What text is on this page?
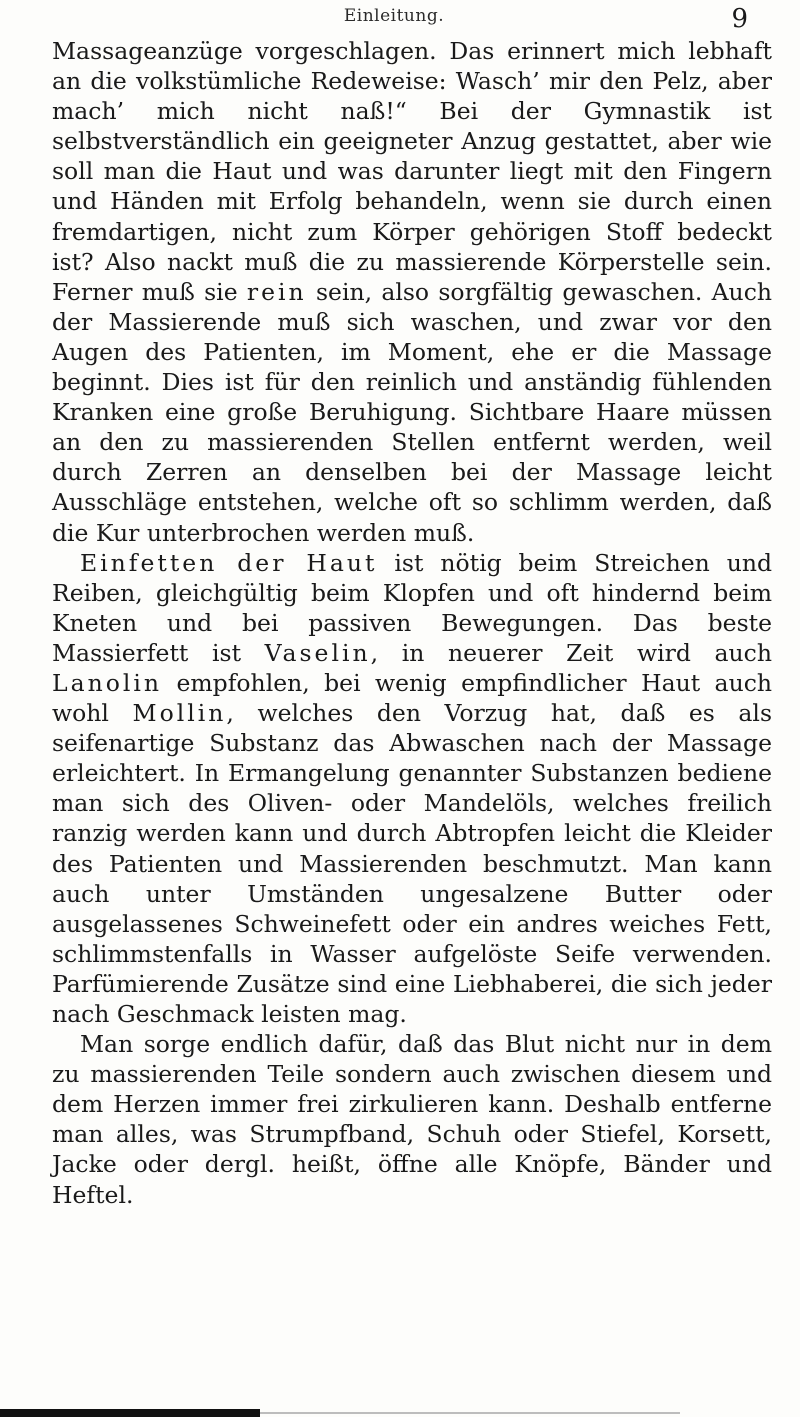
Einleitung.	9

Massageanzüge vorgeschlagen. Das erinnert mich lebhaft an die volkstümliche Redeweise: Wasch’ mir den Pelz, aber mach’ mich nicht naß!“ Bei der Gymnastik ist selbstverständlich ein geeigneter Anzug gestattet, aber wie soll man die Haut und was darunter liegt mit den Fingern und Händen mit Erfolg behandeln, wenn sie durch einen fremdartigen, nicht zum Körper gehörigen Stoff bedeckt ist? Also nackt muß die zu massierende Körperstelle sein. Ferner muß sie rein sein, also sorgfältig gewaschen. Auch der Massierende muß sich waschen, und zwar vor den Augen des Patienten, im Moment, ehe er die Massage beginnt. Dies ist für den reinlich und anständig fühlenden Kranken eine große Beruhigung. Sichtbare Haare müssen an den zu massierenden Stellen entfernt werden, weil durch Zerren an denselben bei der Massage leicht Ausschläge entstehen, welche oft so schlimm werden, daß die Kur unterbrochen werden muß.

Einfetten der Haut ist nötig beim Streichen und Reiben, gleichgültig beim Klopfen und oft hindernd beim Kneten und bei passiven Bewegungen. Das beste Massierfett ist Vaselin, in neuerer Zeit wird auch Lanolin empfohlen, bei wenig empfindlicher Haut auch wohl Mollin, welches den Vorzug hat, daß es als seifenartige Substanz das Abwaschen nach der Massage erleichtert. In Ermangelung genannter Substanzen bediene man sich des Oliven- oder Mandelöls, welches freilich ranzig werden kann und durch Abtropfen leicht die Kleider des Patienten und Massierenden beschmutzt. Man kann auch unter Umständen ungesalzene Butter oder ausgelassenes Schweinefett oder ein andres weiches Fett, schlimmstenfalls in Wasser aufgelöste Seife verwenden. Parfümierende Zusätze sind eine Liebhaberei, die sich jeder nach Geschmack leisten mag.

Man sorge endlich dafür, daß das Blut nicht nur in dem zu massierenden Teile sondern auch zwischen diesem und dem Herzen immer frei zirkulieren kann. Deshalb entferne man alles, was Strumpfband, Schuh oder Stiefel, Korsett, Jacke oder dergl. heißt, öffne alle Knöpfe, Bänder und Heftel.
